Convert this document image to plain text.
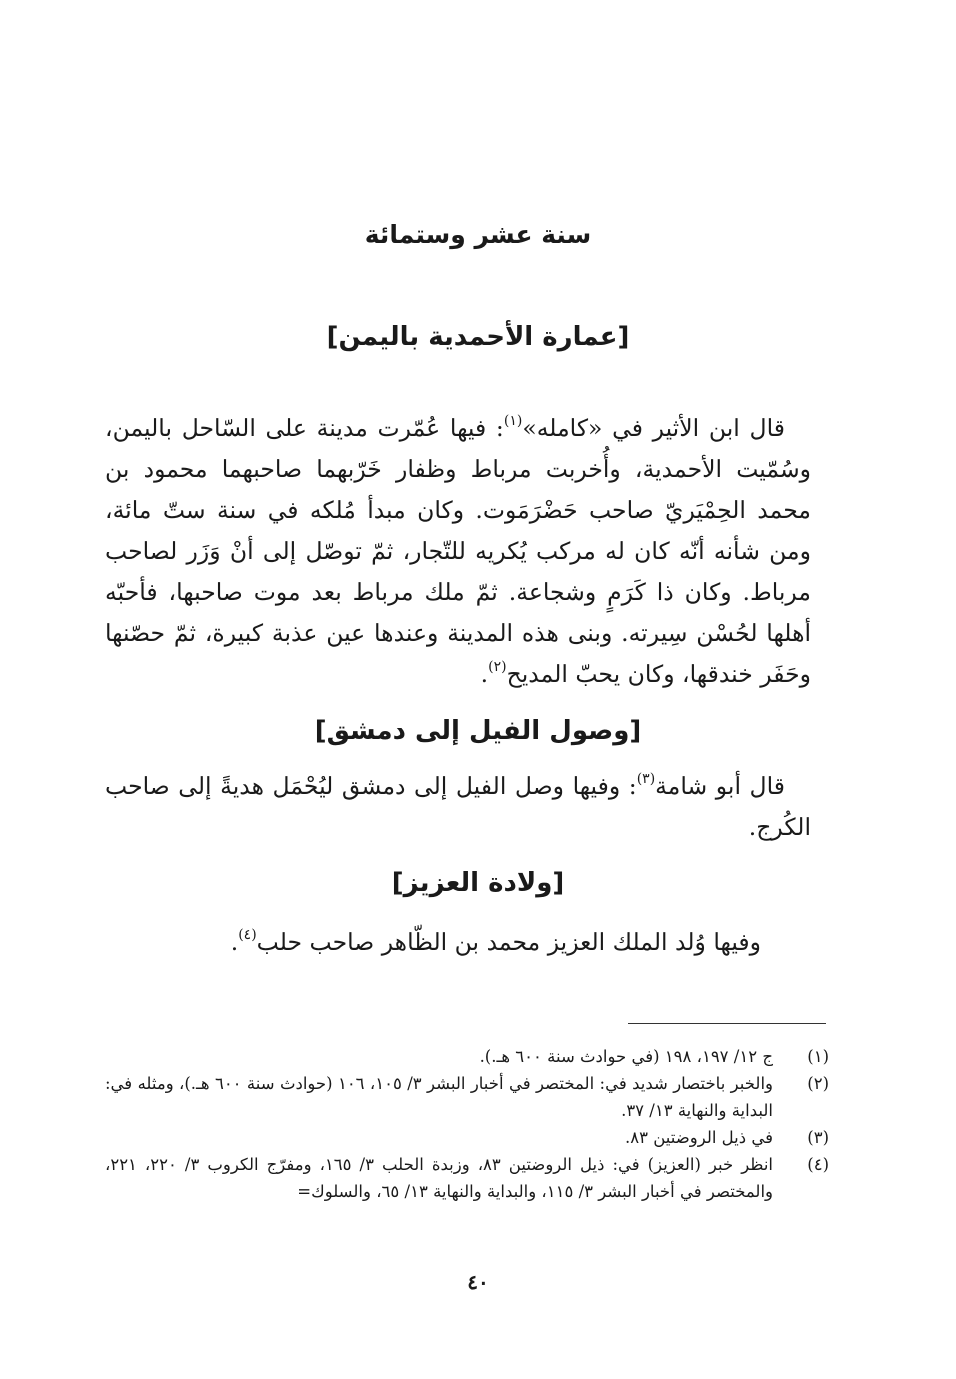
سنة عشر وستمائة
[عمارة الأحمدية باليمن]

قال ابن الأثير في «كامله»$^{(١)}$: فيها عُمّرت مدينة على السّاحل باليمن، وسُمّيت الأحمدية، وأُخربت مرباط وظفار خَرّبهما صاحبهما محمود بن محمد الحِمْيَريّ صاحب حَضْرَمَوت. وكان مبدأ مُلكه في سنة ستّ مائة، ومن شأنه أنّه كان له مركب يُكريه للتّجار، ثمّ توصّل إلى أنْ وَزَر لصاحب مرباط. وكان ذا كَرَمٍ وشجاعة. ثمّ ملك مرباط بعد موت صاحبها، فأحبّه أهلها لحُسْن سِيرته. وبنى هذه المدينة وعندها عين عذبة كبيرة، ثمّ حصّنها وحَفَر خندقها، وكان يحبّ المديح$^{(٢)}$.

[وصول الفيل إلى دمشق]

قال أبو شامة$^{(٣)}$: وفيها وصل الفيل إلى دمشق ليُحْمَل هديةً إلى صاحب الكُرج.

[ولادة العزيز]

وفيها وُلد الملك العزيز محمد بن الظّاهر صاحب حلب$^{(٤)}$.

(١)
ج ١٢/ ١٩٧، ١٩٨ (في حوادث سنة ٦٠٠ هـ.).
(٢)
والخبر باختصار شديد في: المختصر في أخبار البشر ٣/ ١٠٥، ١٠٦ (حوادث سنة ٦٠٠ هـ.)، ومثله في: البداية والنهاية ١٣/ ٣٧.
(٣)
في ذيل الروضتين ٨٣.
(٤)
انظر خبر (العزيز) في: ذيل الروضتين ٨٣، وزبدة الحلب ٣/ ١٦٥، ومفرّج الكروب ٣/ ٢٢٠، ٢٢١، والمختصر في أخبار البشر ٣/ ١١٥، والبداية والنهاية ١٣/ ٦٥، والسلوك=
٤٠
